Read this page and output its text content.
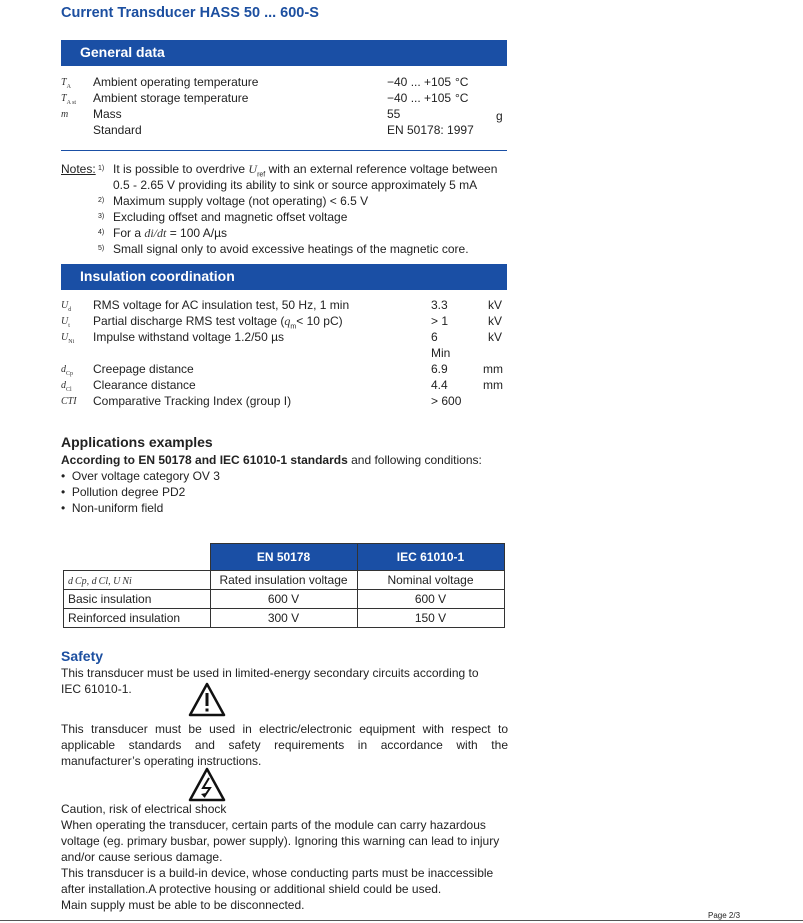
Current Transducer HASS 50 ... 600-S
General data
$T_A$ Ambient operating temperature	−40 ... +105 °C
$T_{A st}$ Ambient storage temperature	−40 ... +105 °C
m Mass	55	g
Standard	EN 50178: 1997
Notes: $^{1)}$ It is possible to overdrive $U_{ref}$ with an external reference voltage between
0.5 - 2.65 V providing its ability to sink or source approximately 5 mA
$^{2)}$ Maximum supply voltage (not operating) < 6.5 V
$^{3)}$ Excluding offset and magnetic offset voltage
$^{4)}$ For a di/dt = 100 A/µs
$^{5)}$ Small signal only to avoid excessive heatings of the magnetic core.
Insulation coordination
$U_d$ RMS voltage for AC insulation test, 50 Hz, 1 min	3.3	kV
$U_t$ Partial discharge RMS test voltage ($q_m< 10$ pC)	> 1	kV
$U_{Ni}$ Impulse withstand voltage 1.2/50 µs	6	kV
Min
$d_{Cp}$ Creepage distance	6.9	mm
$d_{Cl}$ Clearance distance	4.4	mm
CTI Comparative Tracking Index (group I)	> 600
Applications examples
According to EN 50178 and IEC 61010-1 standards and following conditions:
•  Over voltage category OV 3
•  Pollution degree PD2
•  Non-uniform field
	EN 50178	IEC 61010-1
d Cp, d Cl, U Ni	Rated insulation voltage	Nominal voltage
Basic insulation	600 V	600 V
Reinforced insulation	300 V	150 V
Safety
This transducer must be used in limited-energy secondary circuits according to IEC 61010-1.
This transducer must be used in electric/electronic equipment with respect to applicable standards and safety requirements in accordance with the manufacturer’s operating instructions.
Caution, risk of electrical shock
When operating the transducer, certain parts of the module can carry hazardous
voltage (eg. primary busbar, power supply). Ignoring this warning can lead to injury
and/or cause serious damage.
This transducer is a build-in device, whose conducting parts must be inaccessible
after installation.A protective housing or additional shield could be used.
Main supply must be able to be disconnected.
Page 2/3
